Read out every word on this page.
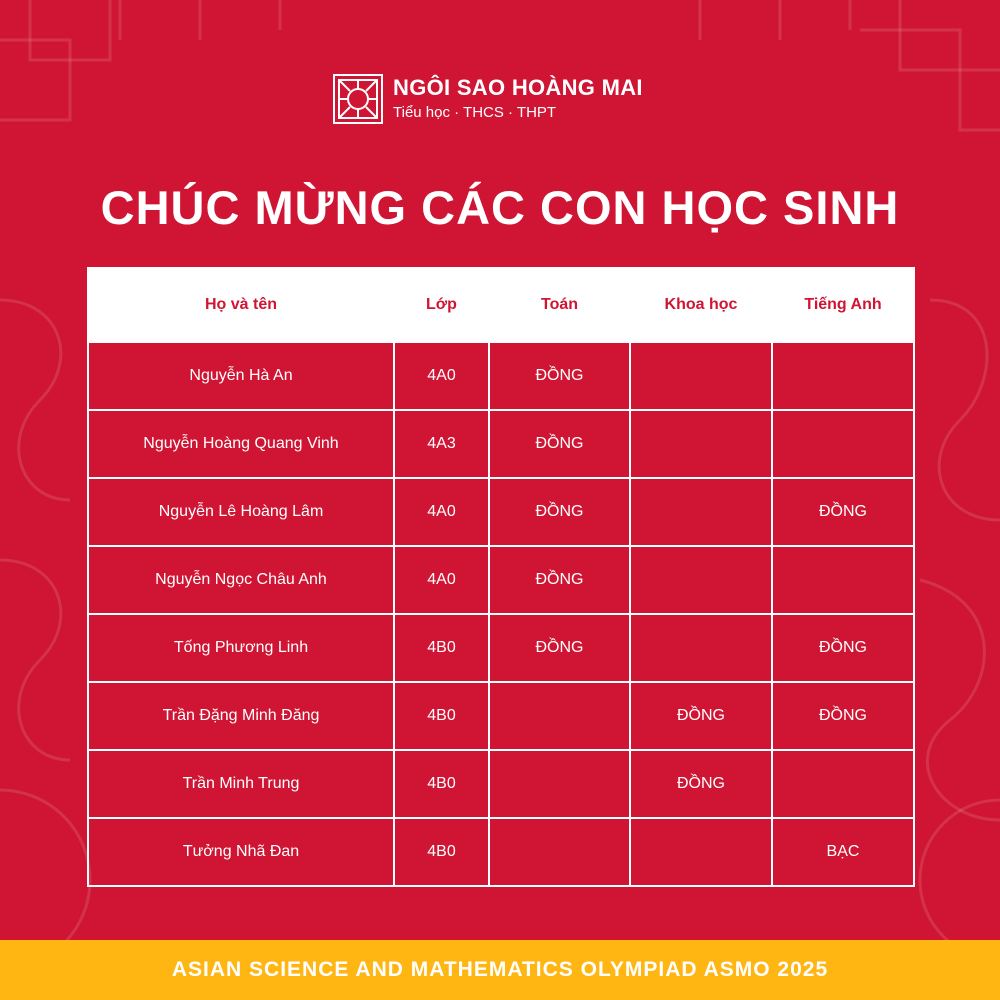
NGÔI SAO HOÀNG MAI
Tiểu học · THCS · THPT
CHÚC MỪNG CÁC CON HỌC SINH
Họ và tên	Lớp	Toán	Khoa học	Tiếng Anh
Nguyễn Hà An	4A0	ĐỒNG		
Nguyễn Hoàng Quang Vinh	4A3	ĐỒNG		
Nguyễn Lê Hoàng Lâm	4A0	ĐỒNG		ĐỒNG
Nguyễn Ngọc Châu Anh	4A0	ĐỒNG		
Tống Phương Linh	4B0	ĐỒNG		ĐỒNG
Trần Đặng Minh Đăng	4B0		ĐỒNG	ĐỒNG
Trần Minh Trung	4B0		ĐỒNG	
Tưởng Nhã Đan	4B0			BẠC
ASIAN SCIENCE AND MATHEMATICS OLYMPIAD ASMO 2025
